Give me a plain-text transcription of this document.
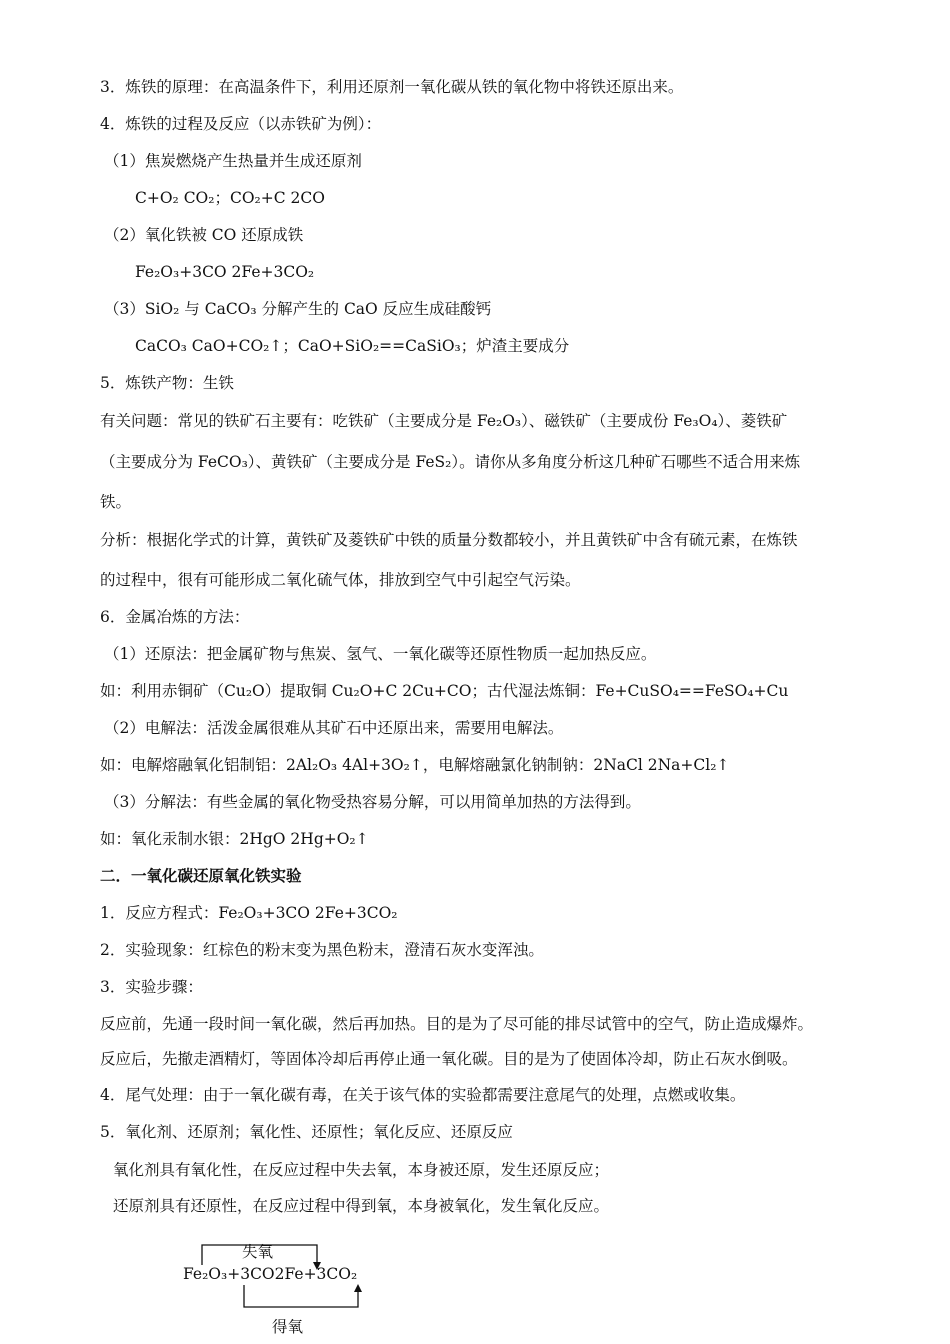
3．炼铁的原理：在高温条件下，利用还原剂一氧化碳从铁的氧化物中将铁还原出来。
4．炼铁的过程及反应（以赤铁矿为例）：
（1）焦炭燃烧产生热量并生成还原剂
C+O₂ CO₂；CO₂+C 2CO
（2）氧化铁被 CO 还原成铁
Fe₂O₃+3CO 2Fe+3CO₂
（3）SiO₂ 与 CaCO₃ 分解产生的 CaO 反应生成硅酸钙
CaCO₃ CaO+CO₂↑；CaO+SiO₂==CaSiO₃；炉渣主要成分
5．炼铁产物：生铁
有关问题：常见的铁矿石主要有：吃铁矿（主要成分是 Fe₂O₃）、磁铁矿（主要成份 Fe₃O₄）、菱铁矿
（主要成分为 FeCO₃）、黄铁矿（主要成分是 FeS₂）。请你从多角度分析这几种矿石哪些不适合用来炼
铁。
分析：根据化学式的计算，黄铁矿及菱铁矿中铁的质量分数都较小，并且黄铁矿中含有硫元素，在炼铁
的过程中，很有可能形成二氧化硫气体，排放到空气中引起空气污染。
6．金属冶炼的方法：
（1）还原法：把金属矿物与焦炭、氢气、一氧化碳等还原性物质一起加热反应。
如：利用赤铜矿（Cu₂O）提取铜 Cu₂O+C 2Cu+CO；古代湿法炼铜：Fe+CuSO₄==FeSO₄+Cu
（2）电解法：活泼金属很难从其矿石中还原出来，需要用电解法。
如：电解熔融氧化铝制铝：2Al₂O₃ 4Al+3O₂↑，电解熔融氯化钠制钠：2NaCl 2Na+Cl₂↑
（3）分解法：有些金属的氧化物受热容易分解，可以用简单加热的方法得到。
如：氧化汞制水银：2HgO 2Hg+O₂↑
二．一氧化碳还原氧化铁实验
1．反应方程式：Fe₂O₃+3CO 2Fe+3CO₂
2．实验现象：红棕色的粉末变为黑色粉末，澄清石灰水变浑浊。
3．实验步骤：
反应前，先通一段时间一氧化碳，然后再加热。目的是为了尽可能的排尽试管中的空气，防止造成爆炸。
反应后，先撤走酒精灯，等固体冷却后再停止通一氧化碳。目的是为了使固体冷却，防止石灰水倒吸。
4．尾气处理：由于一氧化碳有毒，在关于该气体的实验都需要注意尾气的处理，点燃或收集。
5．氧化剂、还原剂；氧化性、还原性；氧化反应、还原反应
氧化剂具有氧化性，在反应过程中失去氧，本身被还原，发生还原反应；
还原剂具有还原性，在反应过程中得到氧，本身被氧化，发生氧化反应。
失氧
Fe₂O₃+3CO2Fe+3CO₂
得氧
